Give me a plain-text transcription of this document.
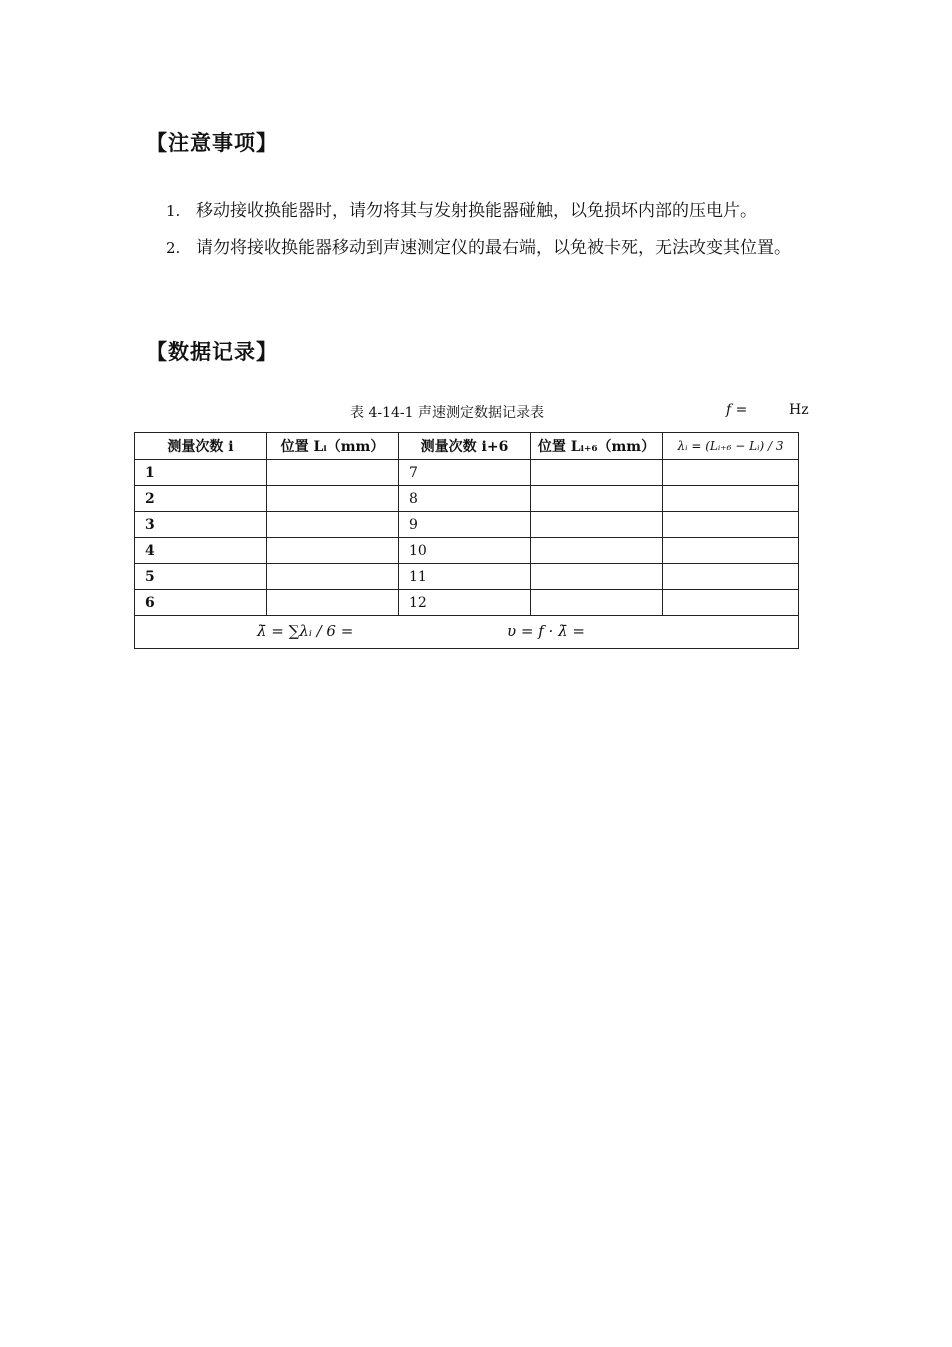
【注意事项】
1. 移动接收换能器时，请勿将其与发射换能器碰触，以免损坏内部的压电片。
2. 请勿将接收换能器移动到声速测定仪的最右端，以免被卡死，无法改变其位置。
【数据记录】
表 4-14-1 声速测定数据记录表	f =	Hz
测量次数 i	位置 Lᵢ（mm）	测量次数 i+6	位置 Lᵢ₊₆（mm）	λᵢ = (Lᵢ₊₆ − Lᵢ) / 3
1		7		
2		8		
3		9		
4		10		
5		11		
6		12		

λ̄ = ∑λᵢ / 6 = υ = f · λ̄ =				
